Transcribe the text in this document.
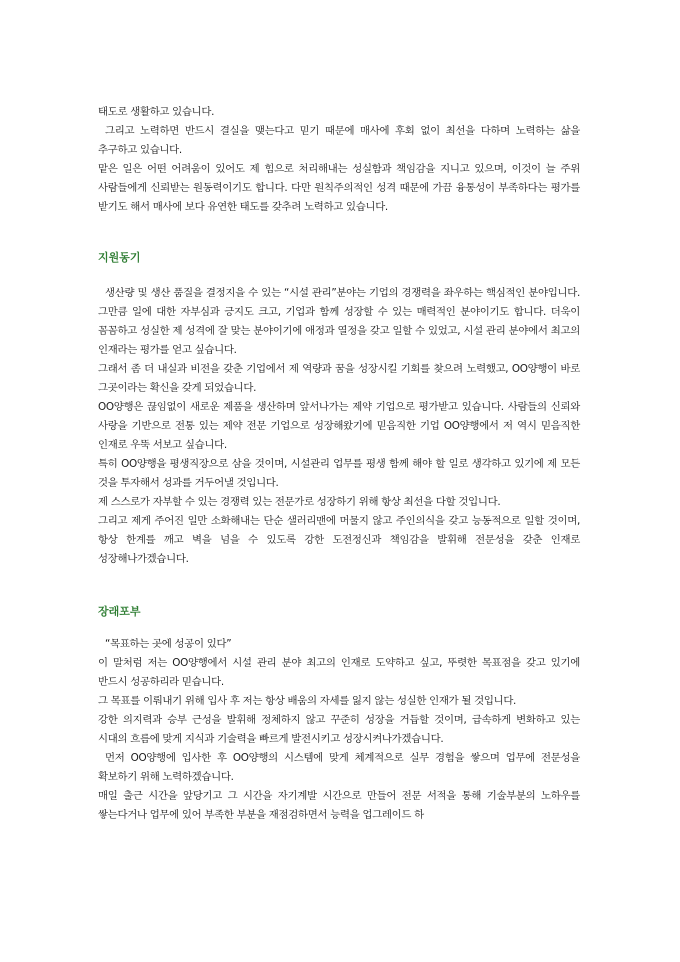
태도로 생활하고 있습니다.

그리고 노력하면 반드시 결실을 맺는다고 믿기 때문에 매사에 후회 없이 최선을 다하며 노력하는 삶을 추구하고 있습니다.

맡은 일은 어떤 어려움이 있어도 제 힘으로 처리해내는 성실함과 책임감을 지니고 있으며, 이것이 늘 주위 사람들에게 신뢰받는 원동력이기도 합니다. 다만 원칙주의적인 성격 때문에 가끔 융통성이 부족하다는 평가를 받기도 해서 매사에 보다 유연한 태도를 갖추려 노력하고 있습니다.

지원동기

생산량 및 생산 품질을 결정지을 수 있는 “시설 관리”분야는 기업의 경쟁력을 좌우하는 핵심적인 분야입니다. 그만큼 일에 대한 자부심과 긍지도 크고, 기업과 함께 성장할 수 있는 매력적인 분야이기도 합니다. 더욱이 꼼꼼하고 성실한 제 성격에 잘 맞는 분야이기에 애정과 열정을 갖고 일할 수 있었고, 시설 관리 분야에서 최고의 인재라는 평가를 얻고 싶습니다.

그래서 좀 더 내실과 비전을 갖춘 기업에서 제 역량과 꿈을 성장시킬 기회를 찾으려 노력했고, OO양행이 바로 그곳이라는 확신을 갖게 되었습니다.

OO양행은 끊임없이 새로운 제품을 생산하며 앞서나가는 제약 기업으로 평가받고 있습니다. 사람들의 신뢰와 사랑을 기반으로 전통 있는 제약 전문 기업으로 성장해왔기에 믿음직한 기업 OO양행에서 저 역시 믿음직한 인재로 우뚝 서보고 싶습니다.

특히 OO양행을 평생직장으로 삼을 것이며, 시설관리 업무를 평생 함께 해야 할 일로 생각하고 있기에 제 모든 것을 투자해서 성과를 거두어낼 것입니다.

제 스스로가 자부할 수 있는 경쟁력 있는 전문가로 성장하기 위해 항상 최선을 다할 것입니다.

그리고 제게 주어진 일만 소화해내는 단순 샐러리맨에 머물지 않고 주인의식을 갖고 능동적으로 일할 것이며, 항상 한계를 깨고 벽을 넘을 수 있도록 강한 도전정신과 책임감을 발휘해 전문성을 갖춘 인재로 성장해나가겠습니다.

장래포부

“목표하는 곳에 성공이 있다”

이 말처럼 저는 OO양행에서 시설 관리 분야 최고의 인재로 도약하고 싶고, 뚜렷한 목표점을 갖고 있기에 반드시 성공하리라 믿습니다.

그 목표를 이뤄내기 위해 입사 후 저는 항상 배움의 자세를 잃지 않는 성실한 인재가 될 것입니다.

강한 의지력과 승부 근성을 발휘해 정체하지 않고 꾸준히 성장을 거듭할 것이며, 급속하게 변화하고 있는 시대의 흐름에 맞게 지식과 기술력을 빠르게 발전시키고 성장시켜나가겠습니다.

먼저 OO양행에 입사한 후 OO양행의 시스템에 맞게 체계적으로 실무 경험을 쌓으며 업무에 전문성을 확보하기 위해 노력하겠습니다.

매일 출근 시간을 앞당기고 그 시간을 자기계발 시간으로 만들어 전문 서적을 통해 기술부분의 노하우를 쌓는다거나 업무에 있어 부족한 부분을 재점검하면서 능력을 업그레이드 하
